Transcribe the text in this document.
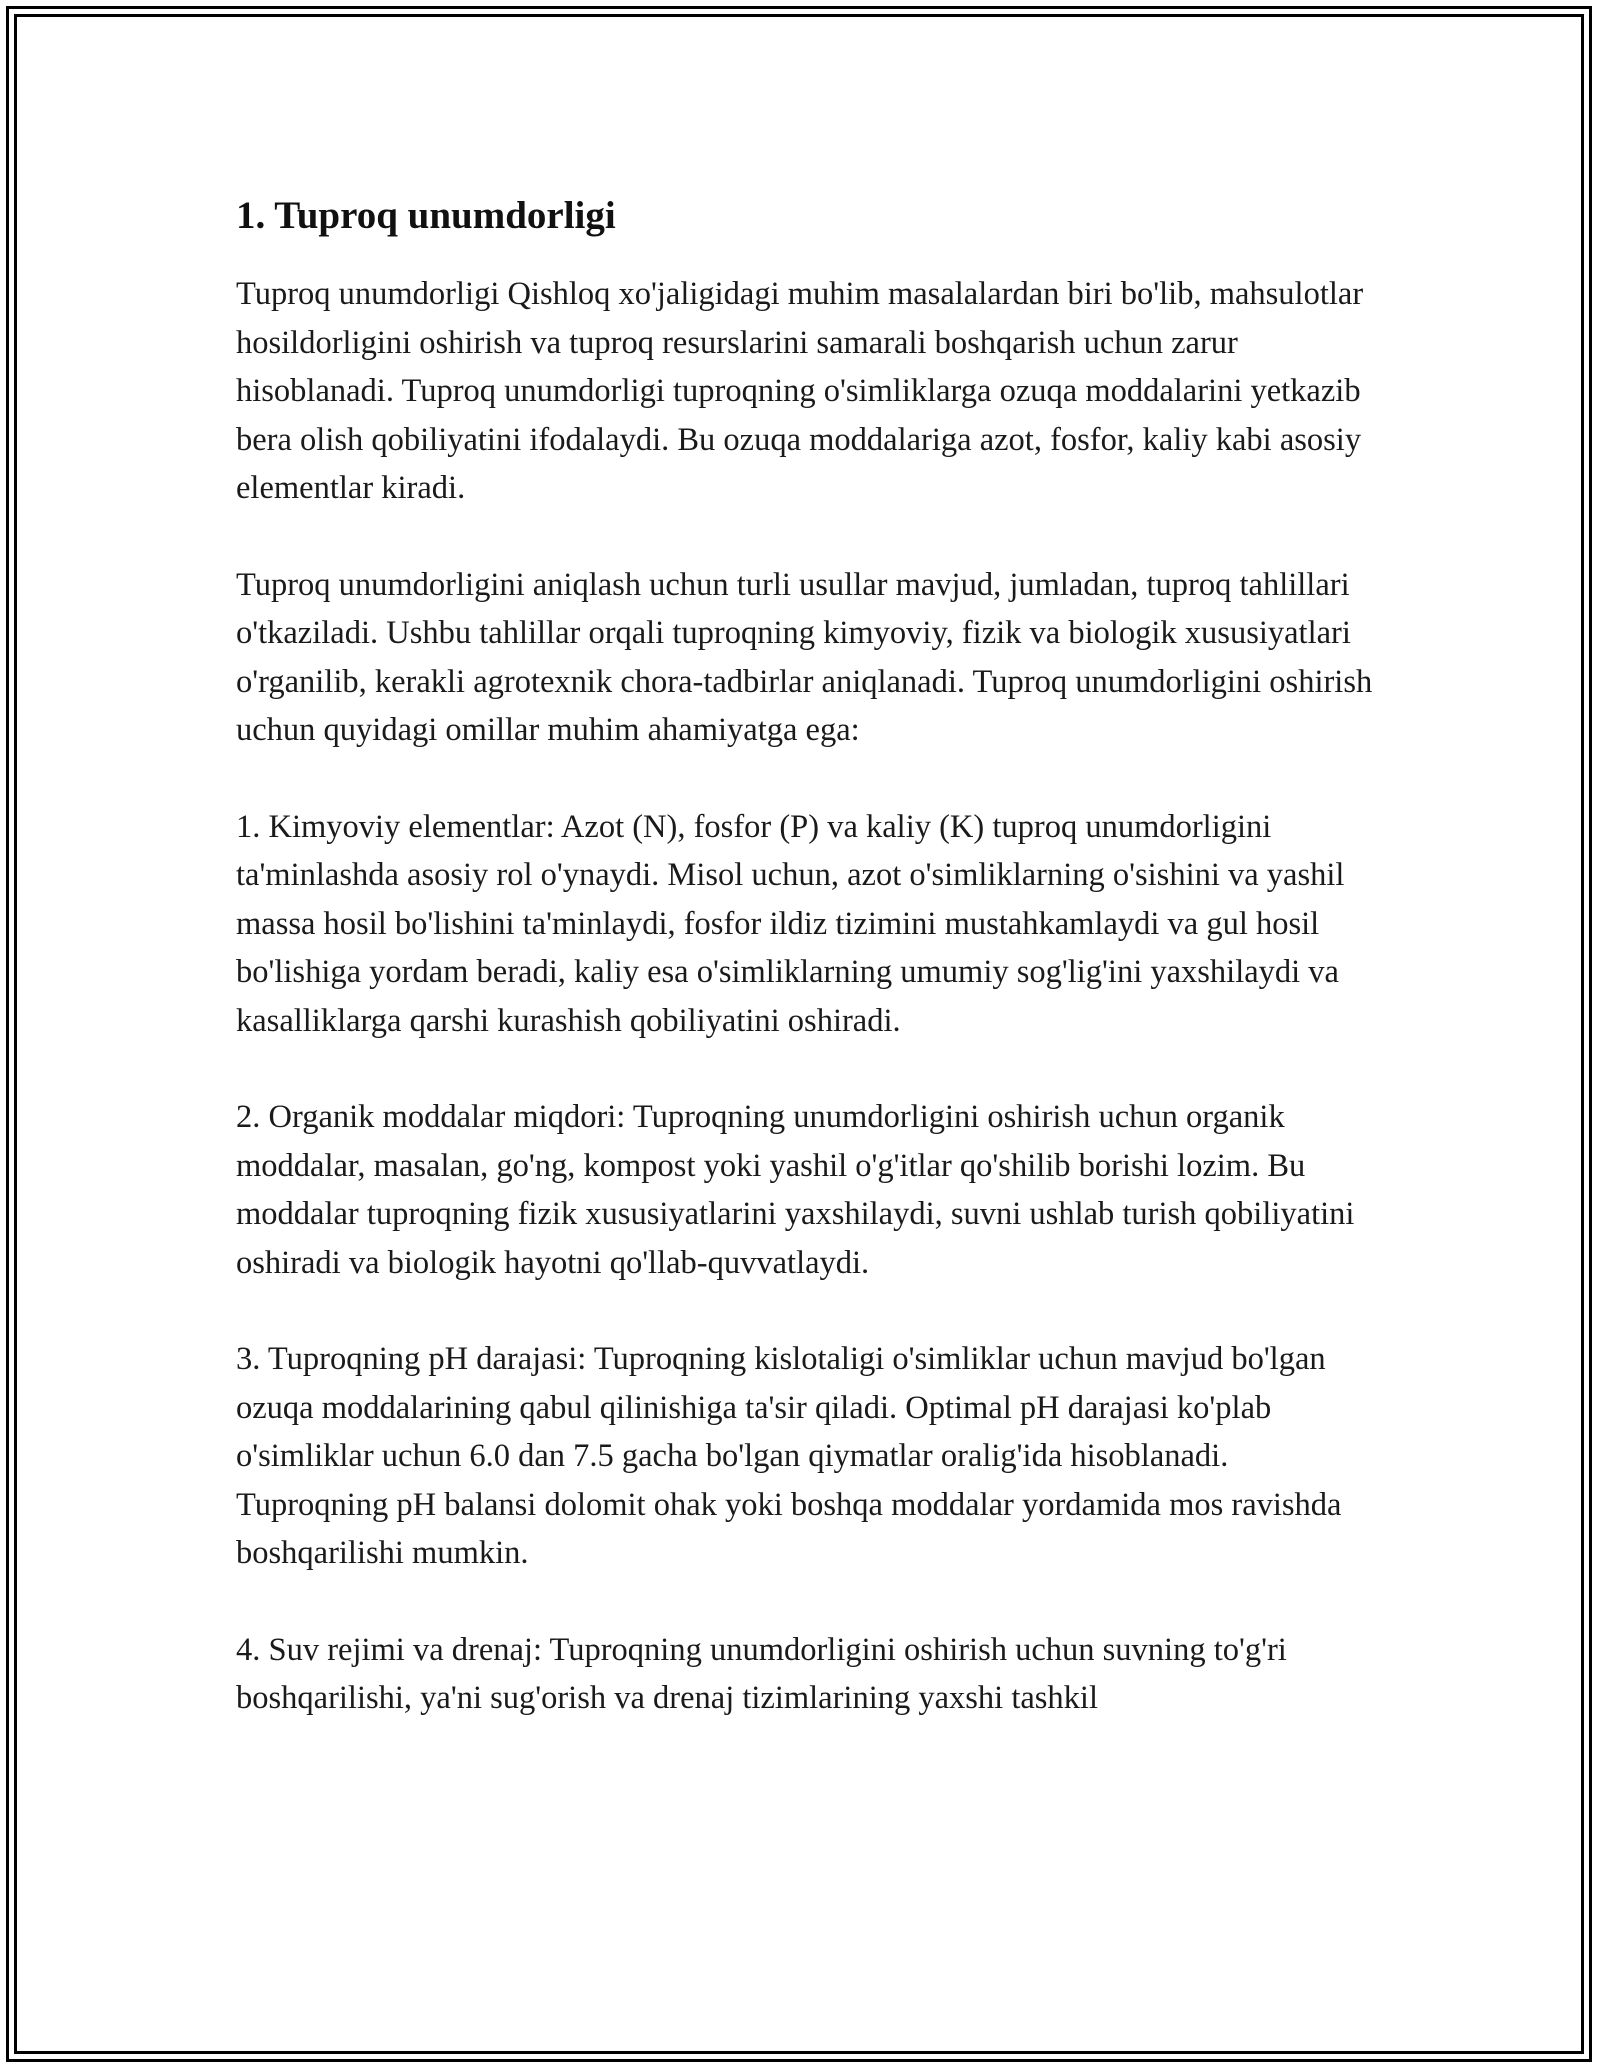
1. Tuproq unumdorligi

Tuproq unumdorligi Qishloq xo'jaligidagi muhim masalalardan biri bo'lib, mahsulotlar hosildorligini oshirish va tuproq resurslarini samarali boshqarish uchun zarur hisoblanadi. Tuproq unumdorligi tuproqning o'simliklarga ozuqa moddalarini yetkazib bera olish qobiliyatini ifodalaydi. Bu ozuqa moddalariga azot, fosfor, kaliy kabi asosiy elementlar kiradi.

Tuproq unumdorligini aniqlash uchun turli usullar mavjud, jumladan, tuproq tahlillari o'tkaziladi. Ushbu tahlillar orqali tuproqning kimyoviy, fizik va biologik xususiyatlari o'rganilib, kerakli agrotexnik chora-tadbirlar aniqlanadi. Tuproq unumdorligini oshirish uchun quyidagi omillar muhim ahamiyatga ega:

1. Kimyoviy elementlar: Azot (N), fosfor (P) va kaliy (K) tuproq unumdorligini ta'minlashda asosiy rol o'ynaydi. Misol uchun, azot o'simliklarning o'sishini va yashil massa hosil bo'lishini ta'minlaydi, fosfor ildiz tizimini mustahkamlaydi va gul hosil bo'lishiga yordam beradi, kaliy esa o'simliklarning umumiy sog'lig'ini yaxshilaydi va kasalliklarga qarshi kurashish qobiliyatini oshiradi.

2. Organik moddalar miqdori: Tuproqning unumdorligini oshirish uchun organik moddalar, masalan, go'ng, kompost yoki yashil o'g'itlar qo'shilib borishi lozim. Bu moddalar tuproqning fizik xususiyatlarini yaxshilaydi, suvni ushlab turish qobiliyatini oshiradi va biologik hayotni qo'llab-quvvatlaydi.

3. Tuproqning pH darajasi: Tuproqning kislotaligi o'simliklar uchun mavjud bo'lgan ozuqa moddalarining qabul qilinishiga ta'sir qiladi. Optimal pH darajasi ko'plab o'simliklar uchun 6.0 dan 7.5 gacha bo'lgan qiymatlar oralig'ida hisoblanadi. Tuproqning pH balansi dolomit ohak yoki boshqa moddalar yordamida mos ravishda boshqarilishi mumkin.

4. Suv rejimi va drenaj: Tuproqning unumdorligini oshirish uchun suvning to'g'ri boshqarilishi, ya'ni sug'orish va drenaj tizimlarining yaxshi tashkil
